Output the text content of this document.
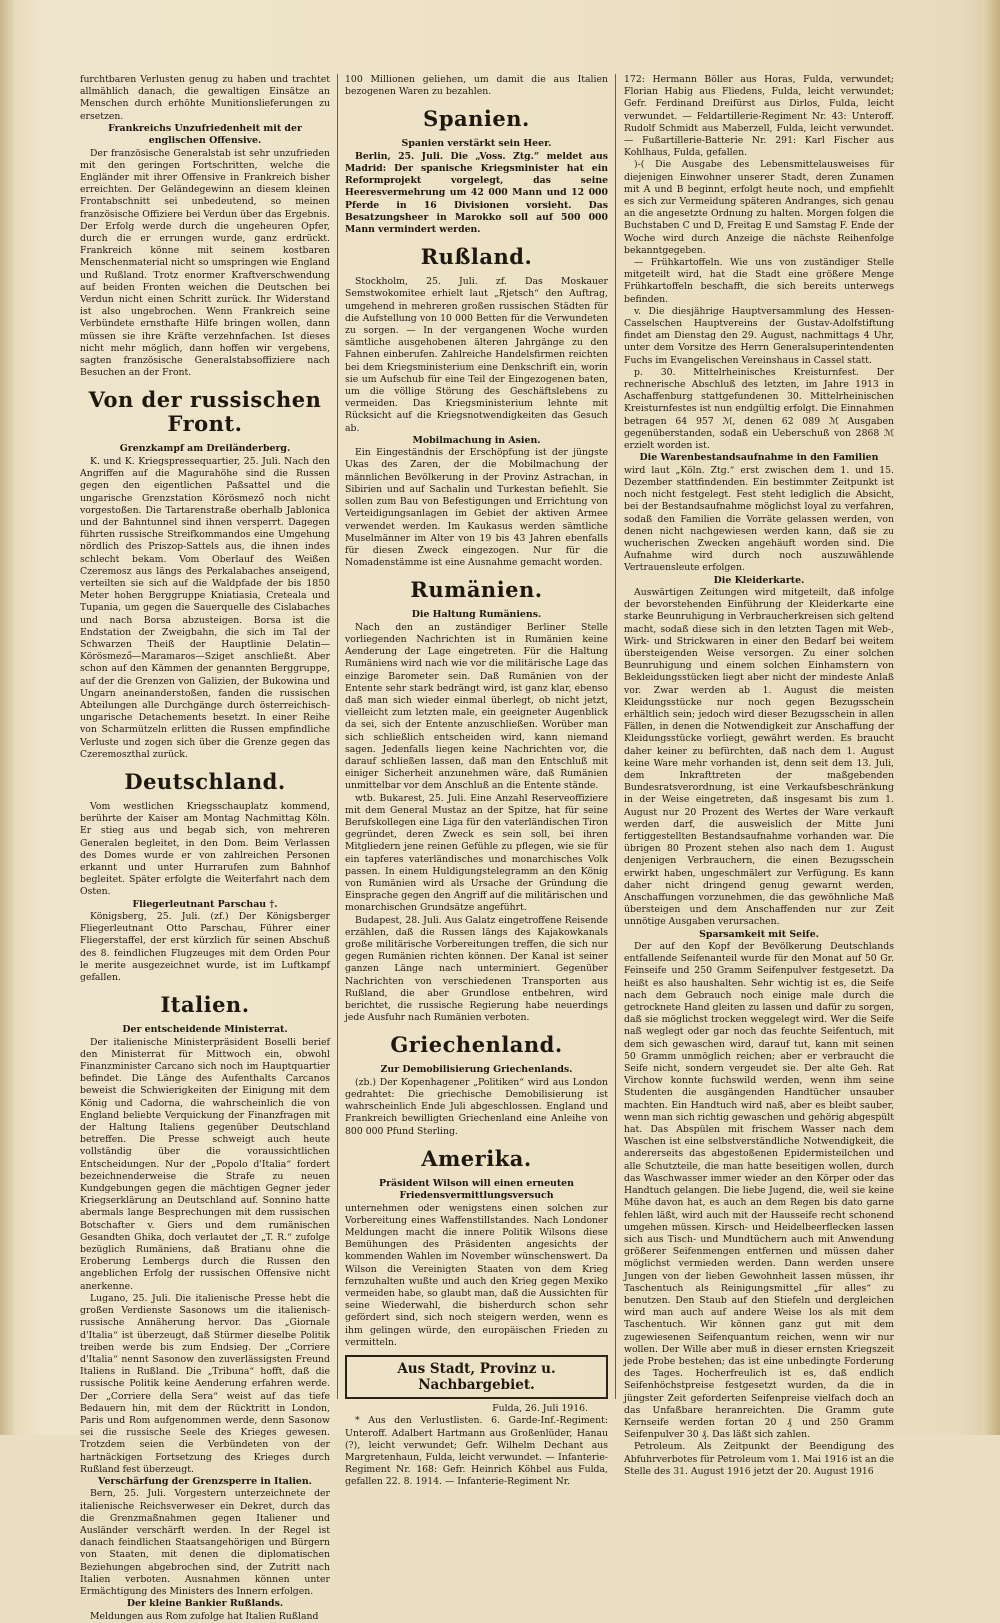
furchtbaren Verlusten genug zu haben und trachtet allmählich danach, die gewaltigen Einsätze an Menschen durch erhöhte Munitionslieferungen zu ersetzen.

Frankreichs Unzufriedenheit mit der englischen Offensive.

Der französische Generalstab ist sehr unzufrieden mit den geringen Fortschritten, welche die Engländer mit ihrer Offensive in Frankreich bisher erreichten. Der Geländegewinn an diesem kleinen Frontabschnitt sei unbedeutend, so meinen französische Offiziere bei Verdun über das Ergebnis. Der Erfolg werde durch die ungeheuren Opfer, durch die er errungen wurde, ganz erdrückt. Frankreich könne mit seinem kostbaren Menschenmaterial nicht so umspringen wie England und Rußland. Trotz enormer Kraftverschwendung auf beiden Fronten weichen die Deutschen bei Verdun nicht einen Schritt zurück. Ihr Widerstand ist also ungebrochen. Wenn Frankreich seine Verbündete ernsthafte Hilfe bringen wollen, dann müssen sie ihre Kräfte verzehnfachen. Ist dieses nicht mehr möglich, dann hoffen wir vergebens, sagten französische Generalstabsoffiziere nach Besuchen an der Front.

Von der russischen Front.
Grenzkampf am Dreiländerberg.

K. und K. Kriegspressequartier, 25. Juli. Nach den Angriffen auf die Magurahöhe sind die Russen gegen den eigentlichen Paßsattel und die ungarische Grenzstation Körösmező noch nicht vorgestoßen. Die Tartarenstraße oberhalb Jablonica und der Bahntunnel sind ihnen versperrt. Dagegen führten russische Streifkommandos eine Umgehung nördlich des Priszop-Sattels aus, die ihnen indes schlecht bekam. Vom Oberlauf des Weißen Czeremosz aus längs des Perkalabaches anseigend, verteilten sie sich auf die Waldpfade der bis 1850 Meter hohen Berggruppe Kniatiasia, Creteala und Tupania, um gegen die Sauerquelle des Cislabaches und nach Borsa abzusteigen. Borsa ist die Endstation der Zweigbahn, die sich im Tal der Schwarzen Theiß der Hauptlinie Delatin—Körösmező—Maramaros—Sziget anschließt. Aber schon auf den Kämmen der genannten Berggruppe, auf der die Grenzen von Galizien, der Bukowina und Ungarn aneinanderstoßen, fanden die russischen Abteilungen alle Durchgänge durch österreichisch-ungarische Detachements besetzt. In einer Reihe von Scharmützeln erlitten die Russen empfindliche Verluste und zogen sich über die Grenze gegen das Czeremoszthal zurück.

Deutschland.

Vom westlichen Kriegsschauplatz kommend, berührte der Kaiser am Montag Nachmittag Köln. Er stieg aus und begab sich, von mehreren Generalen begleitet, in den Dom. Beim Verlassen des Domes wurde er von zahlreichen Personen erkannt und unter Hurrarufen zum Bahnhof begleitet. Später erfolgte die Weiterfahrt nach dem Osten.

Fliegerleutnant Parschau †.

Königsberg, 25. Juli. (zf.) Der Königsberger Fliegerleutnant Otto Parschau, Führer einer Fliegerstaffel, der erst kürzlich für seinen Abschuß des 8. feindlichen Flugzeuges mit dem Orden Pour le merite ausgezeichnet wurde, ist im Luftkampf gefallen.

Italien.
Der entscheidende Ministerrat.

Der italienische Ministerpräsident Boselli berief den Ministerrat für Mittwoch ein, obwohl Finanzminister Carcano sich noch im Hauptquartier befindet. Die Länge des Aufenthalts Carcanos beweist die Schwierigkeiten der Einigung mit dem König und Cadorna, die wahrscheinlich die von England beliebte Verquickung der Finanzfragen mit der Haltung Italiens gegenüber Deutschland betreffen. Die Presse schweigt auch heute vollständig über die voraussichtlichen Entscheidungen. Nur der „Popolo d'Italia“ fordert bezeichnenderweise die Strafe zu neuen Kundgebungen gegen die mächtigen Gegner jeder Kriegserklärung an Deutschland auf. Sonnino hatte abermals lange Besprechungen mit dem russischen Botschafter v. Giers und dem rumänischen Gesandten Ghika, doch verlautet der „T. R.“ zufolge bezüglich Rumäniens, daß Bratianu ohne die Eroberung Lembergs durch die Russen den angeblichen Erfolg der russischen Offensive nicht anerkenne.

Lugano, 25. Juli. Die italienische Presse hebt die großen Verdienste Sasonows um die italienisch-russische Annäherung hervor. Das „Giornale d'Italia“ ist überzeugt, daß Stürmer dieselbe Politik treiben werde bis zum Endsieg. Der „Corriere d'Italia“ nennt Sasonow den zuverlässigsten Freund Italiens in Rußland. Die „Tribuna“ hofft, daß die russische Politik keine Aenderung erfahren werde. Der „Corriere della Sera“ weist auf das tiefe Bedauern hin, mit dem der Rücktritt in London, Paris und Rom aufgenommen werde, denn Sasonow sei die russische Seele des Krieges gewesen. Trotzdem seien die Verbündeten von der hartnäckigen Fortsetzung des Krieges durch Rußland fest überzeugt.

Verschärfung der Grenzsperre in Italien.

Bern, 25. Juli. Vorgestern unterzeichnete der italienische Reichsverweser ein Dekret, durch das die Grenzmaßnahmen gegen Italiener und Ausländer verschärft werden. In der Regel ist danach feindlichen Staatsangehörigen und Bürgern von Staaten, mit denen die diplomatischen Beziehungen abgebrochen sind, der Zutritt nach Italien verboten. Ausnahmen können unter Ermächtigung des Ministers des Innern erfolgen.

Der kleine Bankier Rußlands.

Meldungen aus Rom zufolge hat Italien Rußland

100 Millionen geliehen, um damit die aus Italien bezogenen Waren zu bezahlen.

Spanien.
Spanien verstärkt sein Heer.

Berlin, 25. Juli. Die „Voss. Ztg.“ meldet aus Madrid: Der spanische Kriegsminister hat ein Reformprojekt vorgelegt, das seine Heeresvermehrung um 42 000 Mann und 12 000 Pferde in 16 Divisionen vorsieht. Das Besatzungsheer in Marokko soll auf 500 000 Mann vermindert werden.

Rußland.

Stockholm, 25. Juli. zf. Das Moskauer Semstwokomitee erhielt laut „Rjetsch“ den Auftrag, umgehend in mehreren großen russischen Städten für die Aufstellung von 10 000 Betten für die Verwundeten zu sorgen. — In der vergangenen Woche wurden sämtliche ausgehobenen älteren Jahrgänge zu den Fahnen einberufen. Zahlreiche Handelsfirmen reichten bei dem Kriegsministerium eine Denkschrift ein, worin sie um Aufschub für eine Teil der Eingezogenen baten, um die völlige Störung des Geschäftslebens zu vermeiden. Das Kriegsministerium lehnte mit Rücksicht auf die Kriegsnotwendigkeiten das Gesuch ab.

Mobilmachung in Asien.

Ein Eingeständnis der Erschöpfung ist der jüngste Ukas des Zaren, der die Mobilmachung der männlichen Bevölkerung in der Provinz Astrachan, in Sibirien und auf Sachalin und Turkestan befiehlt. Sie sollen zum Bau von Befestigungen und Errichtung von Verteidigungsanlagen im Gebiet der aktiven Armee verwendet werden. Im Kaukasus werden sämtliche Muselmänner im Alter von 19 bis 43 Jahren ebenfalls für diesen Zweck eingezogen. Nur für die Nomadenstämme ist eine Ausnahme gemacht worden.

Rumänien.
Die Haltung Rumäniens.

Nach den an zuständiger Berliner Stelle vorliegenden Nachrichten ist in Rumänien keine Aenderung der Lage eingetreten. Für die Haltung Rumäniens wird nach wie vor die militärische Lage das einzige Barometer sein. Daß Rumänien von der Entente sehr stark bedrängt wird, ist ganz klar, ebenso daß man sich wieder einmal überlegt, ob nicht jetzt, vielleicht zum letzten male, ein geeigneter Augenblick da sei, sich der Entente anzuschließen. Worüber man sich schließlich entscheiden wird, kann niemand sagen. Jedenfalls liegen keine Nachrichten vor, die darauf schließen lassen, daß man den Entschluß mit einiger Sicherheit anzunehmen wäre, daß Rumänien unmittelbar vor dem Anschluß an die Entente stände.

wtb. Bukarest, 25. Juli. Eine Anzahl Reserveoffiziere mit dem General Mustaz an der Spitze, hat für seine Berufskollegen eine Liga für den vaterländischen Tiron gegründet, deren Zweck es sein soll, bei ihren Mitgliedern jene reinen Gefühle zu pflegen, wie sie für ein tapferes vaterländisches und monarchisches Volk passen. In einem Huldigungstelegramm an den König von Rumänien wird als Ursache der Gründung die Einsprache gegen den Angriff auf die militärischen und monarchischen Grundsätze angeführt.

Budapest, 28. Juli. Aus Galatz eingetroffene Reisende erzählen, daß die Russen längs des Kajakowkanals große militärische Vorbereitungen treffen, die sich nur gegen Rumänien richten können. Der Kanal ist seiner ganzen Länge nach unterminiert. Gegenüber Nachrichten von verschiedenen Transporten aus Rußland, die aber Grundlose entbehren, wird berichtet, die russische Regierung habe neuerdings jede Ausfuhr nach Rumänien verboten.

Griechenland.
Zur Demobilisierung Griechenlands.

(zb.) Der Kopenhagener „Politiken“ wird aus London gedrahtet: Die griechische Demobilisierung ist wahrscheinlich Ende Juli abgeschlossen. England und Frankreich bewilligten Griechenland eine Anleihe von 800 000 Pfund Sterling.

Amerika.
Präsident Wilson will einen erneuten Friedensvermittlungsversuch

unternehmen oder wenigstens einen solchen zur Vorbereitung eines Waffenstillstandes. Nach Londoner Meldungen macht die innere Politik Wilsons diese Bemühungen des Präsidenten angesichts der kommenden Wahlen im November wünschenswert. Da Wilson die Vereinigten Staaten von dem Krieg fernzuhalten wußte und auch den Krieg gegen Mexiko vermeiden habe, so glaubt man, daß die Aussichten für seine Wiederwahl, die bisherdurch schon sehr gefördert sind, sich noch steigern werden, wenn es ihm gelingen würde, den europäischen Frieden zu vermitteln.

Aus Stadt, Provinz u. Nachbargebiet.

Fulda, 26. Juli 1916.

* Aus den Verlustlisten. 6. Garde-Inf.-Regiment: Unteroff. Adalbert Hartmann aus Großenlüder, Hanau (?), leicht verwundet; Gefr. Wilhelm Dechant aus Margretenhaun, Fulda, leicht verwundet. — Infanterie-Regiment Nr. 168: Gefr. Heinrich Köhbel aus Fulda, gefallen 22. 8. 1914. — Infanterie-Regiment Nr.

172: Hermann Böller aus Horas, Fulda, verwundet; Florian Habig aus Fliedens, Fulda, leicht verwundet; Gefr. Ferdinand Dreifürst aus Dirlos, Fulda, leicht verwundet. — Feldartillerie-Regiment Nr. 43: Unteroff. Rudolf Schmidt aus Maberzell, Fulda, leicht verwundet. — Fußartillerie-Batterie Nr. 291: Karl Fischer aus Kohlhaus, Fulda, gefallen.

)-( Die Ausgabe des Lebensmittelausweises für diejenigen Einwohner unserer Stadt, deren Zunamen mit A und B beginnt, erfolgt heute noch, und empfiehlt es sich zur Vermeidung späteren Andranges, sich genau an die angesetzte Ordnung zu halten. Morgen folgen die Buchstaben C und D, Freitag E und Samstag F. Ende der Woche wird durch Anzeige die nächste Reihenfolge bekanntgegeben.

— Frühkartoffeln. Wie uns von zuständiger Stelle mitgeteilt wird, hat die Stadt eine größere Menge Frühkartoffeln beschafft, die sich bereits unterwegs befinden.

v. Die diesjährige Hauptversammlung des Hessen-Casselschen Hauptvereins der Gustav-Adolfstiftung findet am Dienstag den 29. August, nachmittags 4 Uhr, unter dem Vorsitze des Herrn Generalsuperintendenten Fuchs im Evangelischen Vereinshaus in Cassel statt.

p. 30. Mittelrheinisches Kreisturnfest. Der rechnerische Abschluß des letzten, im Jahre 1913 in Aschaffenburg stattgefundenen 30. Mittelrheinischen Kreisturnfestes ist nun endgültig erfolgt. Die Einnahmen betragen 64 957 ℳ, denen 62 089 ℳ Ausgaben gegenüberstanden, sodaß ein Ueberschuß von 2868 ℳ erzielt worden ist.

Die Warenbestandsaufnahme in den Familien

wird laut „Köln. Ztg.“ erst zwischen dem 1. und 15. Dezember stattfindenden. Ein bestimmter Zeitpunkt ist noch nicht festgelegt. Fest steht lediglich die Absicht, bei der Bestandsaufnahme möglichst loyal zu verfahren, sodaß den Familien die Vorräte gelassen werden, von denen nicht nachgewiesen werden kann, daß sie zu wucherischen Zwecken angehäuft worden sind. Die Aufnahme wird durch noch auszuwählende Vertrauensleute erfolgen.

Die Kleiderkarte.

Auswärtigen Zeitungen wird mitgeteilt, daß infolge der bevorstehenden Einführung der Kleiderkarte eine starke Beunruhigung in Verbraucherkreisen sich geltend macht, sodaß diese sich in den letzten Tagen mit Web-, Wirk- und Strickwaren in einer den Bedarf bei weitem übersteigenden Weise versorgen. Zu einer solchen Beunruhigung und einem solchen Einhamstern von Bekleidungsstücken liegt aber nicht der mindeste Anlaß vor. Zwar werden ab 1. August die meisten Kleidungsstücke nur noch gegen Bezugsschein erhältlich sein; jedoch wird dieser Bezugsschein in allen Fällen, in denen die Notwendigkeit zur Anschaffung der Kleidungsstücke vorliegt, gewährt werden. Es braucht daher keiner zu befürchten, daß nach dem 1. August keine Ware mehr vorhanden ist, denn seit dem 13. Juli, dem Inkrafttreten der maßgebenden Bundesratsverordnung, ist eine Verkaufsbeschränkung in der Weise eingetreten, daß insgesamt bis zum 1. August nur 20 Prozent des Wertes der Ware verkauft werden darf, die ausweislich der Mitte Juni fertiggestellten Bestandsaufnahme vorhanden war. Die übrigen 80 Prozent stehen also nach dem 1. August denjenigen Verbrauchern, die einen Bezugsschein erwirkt haben, ungeschmälert zur Verfügung. Es kann daher nicht dringend genug gewarnt werden, Anschaffungen vorzunehmen, die das gewöhnliche Maß übersteigen und dem Anschaffenden nur zur Zeit unnötige Ausgaben verursachen.

Sparsamkeit mit Seife.

Der auf den Kopf der Bevölkerung Deutschlands entfallende Seifenanteil wurde für den Monat auf 50 Gr. Feinseife und 250 Gramm Seifenpulver festgesetzt. Da heißt es also haushalten. Sehr wichtig ist es, die Seife nach dem Gebrauch noch einige male durch die getrocknete Hand gleiten zu lassen und dafür zu sorgen, daß sie möglichst trocken weggelegt wird. Wer die Seife naß weglegt oder gar noch das feuchte Seifentuch, mit dem sich gewaschen wird, darauf tut, kann mit seinen 50 Gramm unmöglich reichen; aber er verbraucht die Seife nicht, sondern vergeudet sie. Der alte Geh. Rat Virchow konnte fuchswild werden, wenn ihm seine Studenten die ausgängenden Handtücher unsauber machten. Ein Handtuch wird naß, aber es bleibt sauber, wenn man sich richtig gewaschen und gehörig abgespült hat. Das Abspülen mit frischem Wasser nach dem Waschen ist eine selbstverständliche Notwendigkeit, die andererseits das abgestoßenen Epidermisteilchen und alle Schutzteile, die man hatte beseitigen wollen, durch das Waschwasser immer wieder an den Körper oder das Handtuch gelangen. Die liebe Jugend, die, weil sie keine Mühe davon hat, es auch an dem Regen bis dato garne fehlen läßt, wird auch mit der Hausseife recht schonend umgehen müssen. Kirsch- und Heidelbeerflecken lassen sich aus Tisch- und Mundtüchern auch mit Anwendung größerer Seifenmengen entfernen und müssen daher möglichst vermieden werden. Dann werden unsere Jungen von der lieben Gewohnheit lassen müssen, ihr Taschentuch als Reinigungsmittel „für alles“ zu benutzen. Den Staub auf den Stiefeln und dergleichen wird man auch auf andere Weise los als mit dem Taschentuch. Wir können ganz gut mit dem zugewiesenen Seifenquantum reichen, wenn wir nur wollen. Der Wille aber muß in dieser ernsten Kriegszeit jede Probe bestehen; das ist eine unbedingte Forderung des Tages. Hocherfreulich ist es, daß endlich Seifenhöchstpreise festgesetzt wurden, da die in jüngster Zeit geforderten Seifenpreise vielfach doch an das Unfaßbare heranreichten. Die Gramm gute Kernseife werden fortan 20 ₰ und 250 Gramm Seifenpulver 30 ₰. Das läßt sich zahlen.

Petroleum. Als Zeitpunkt der Beendigung des Abfuhrverbotes für Petroleum vom 1. Mai 1916 ist an die Stelle des 31. August 1916 jetzt der 20. August 1916
